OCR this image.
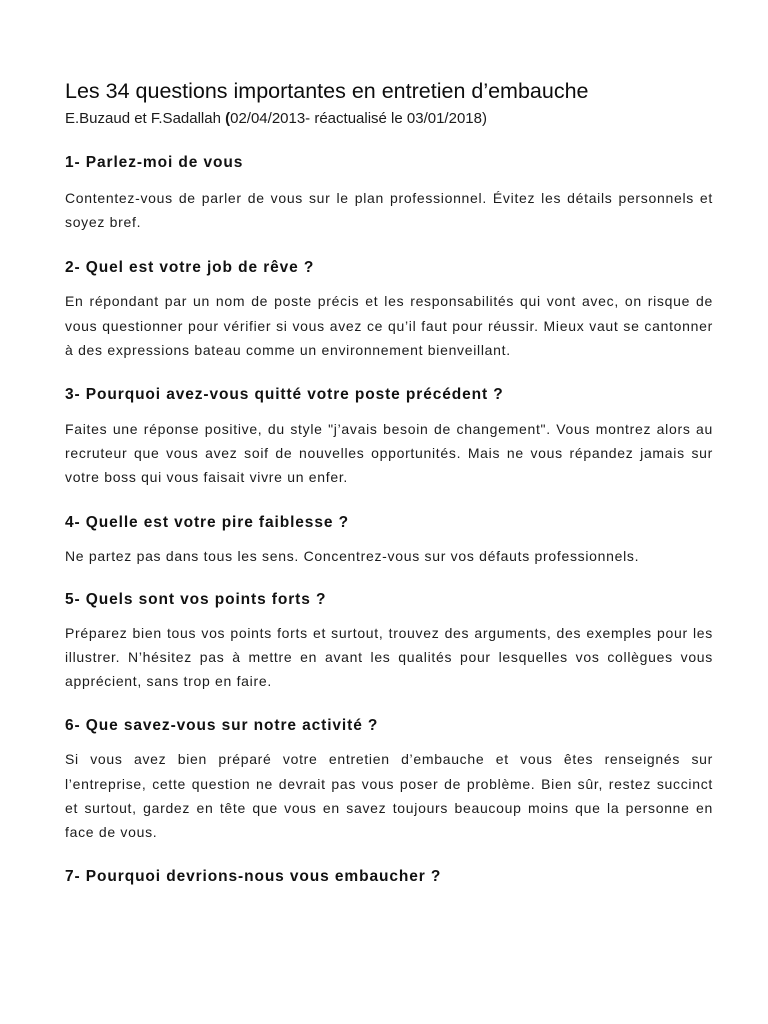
Les 34 questions importantes en entretien d’embauche

E.Buzaud et F.Sadallah (02/04/2013- réactualisé le 03/01/2018)

1- Parlez-moi de vous

Contentez-vous de parler de vous sur le plan professionnel. Évitez les détails personnels et soyez bref.

2- Quel est votre job de rêve ?

En répondant par un nom de poste précis et les responsabilités qui vont avec, on risque de vous questionner pour vérifier si vous avez ce qu’il faut pour réussir. Mieux vaut se cantonner à des expressions bateau comme un environnement bienveillant.

3- Pourquoi avez-vous quitté votre poste précédent ?

Faites une réponse positive, du style "j’avais besoin de changement". Vous montrez alors au recruteur que vous avez soif de nouvelles opportunités. Mais ne vous répandez jamais sur votre boss qui vous faisait vivre un enfer.

4- Quelle est votre pire faiblesse ?

Ne partez pas dans tous les sens. Concentrez-vous sur vos défauts professionnels.

5- Quels sont vos points forts ?

Préparez bien tous vos points forts et surtout, trouvez des arguments, des exemples pour les illustrer. N’hésitez pas à mettre en avant les qualités pour lesquelles vos collègues vous apprécient, sans trop en faire.

6- Que savez-vous sur notre activité ?

Si vous avez bien préparé votre entretien d’embauche et vous êtes renseignés sur l’entreprise, cette question ne devrait pas vous poser de problème. Bien sûr, restez succinct et surtout, gardez en tête que vous en savez toujours beaucoup moins que la personne en face de vous.

7- Pourquoi devrions-nous vous embaucher ?
